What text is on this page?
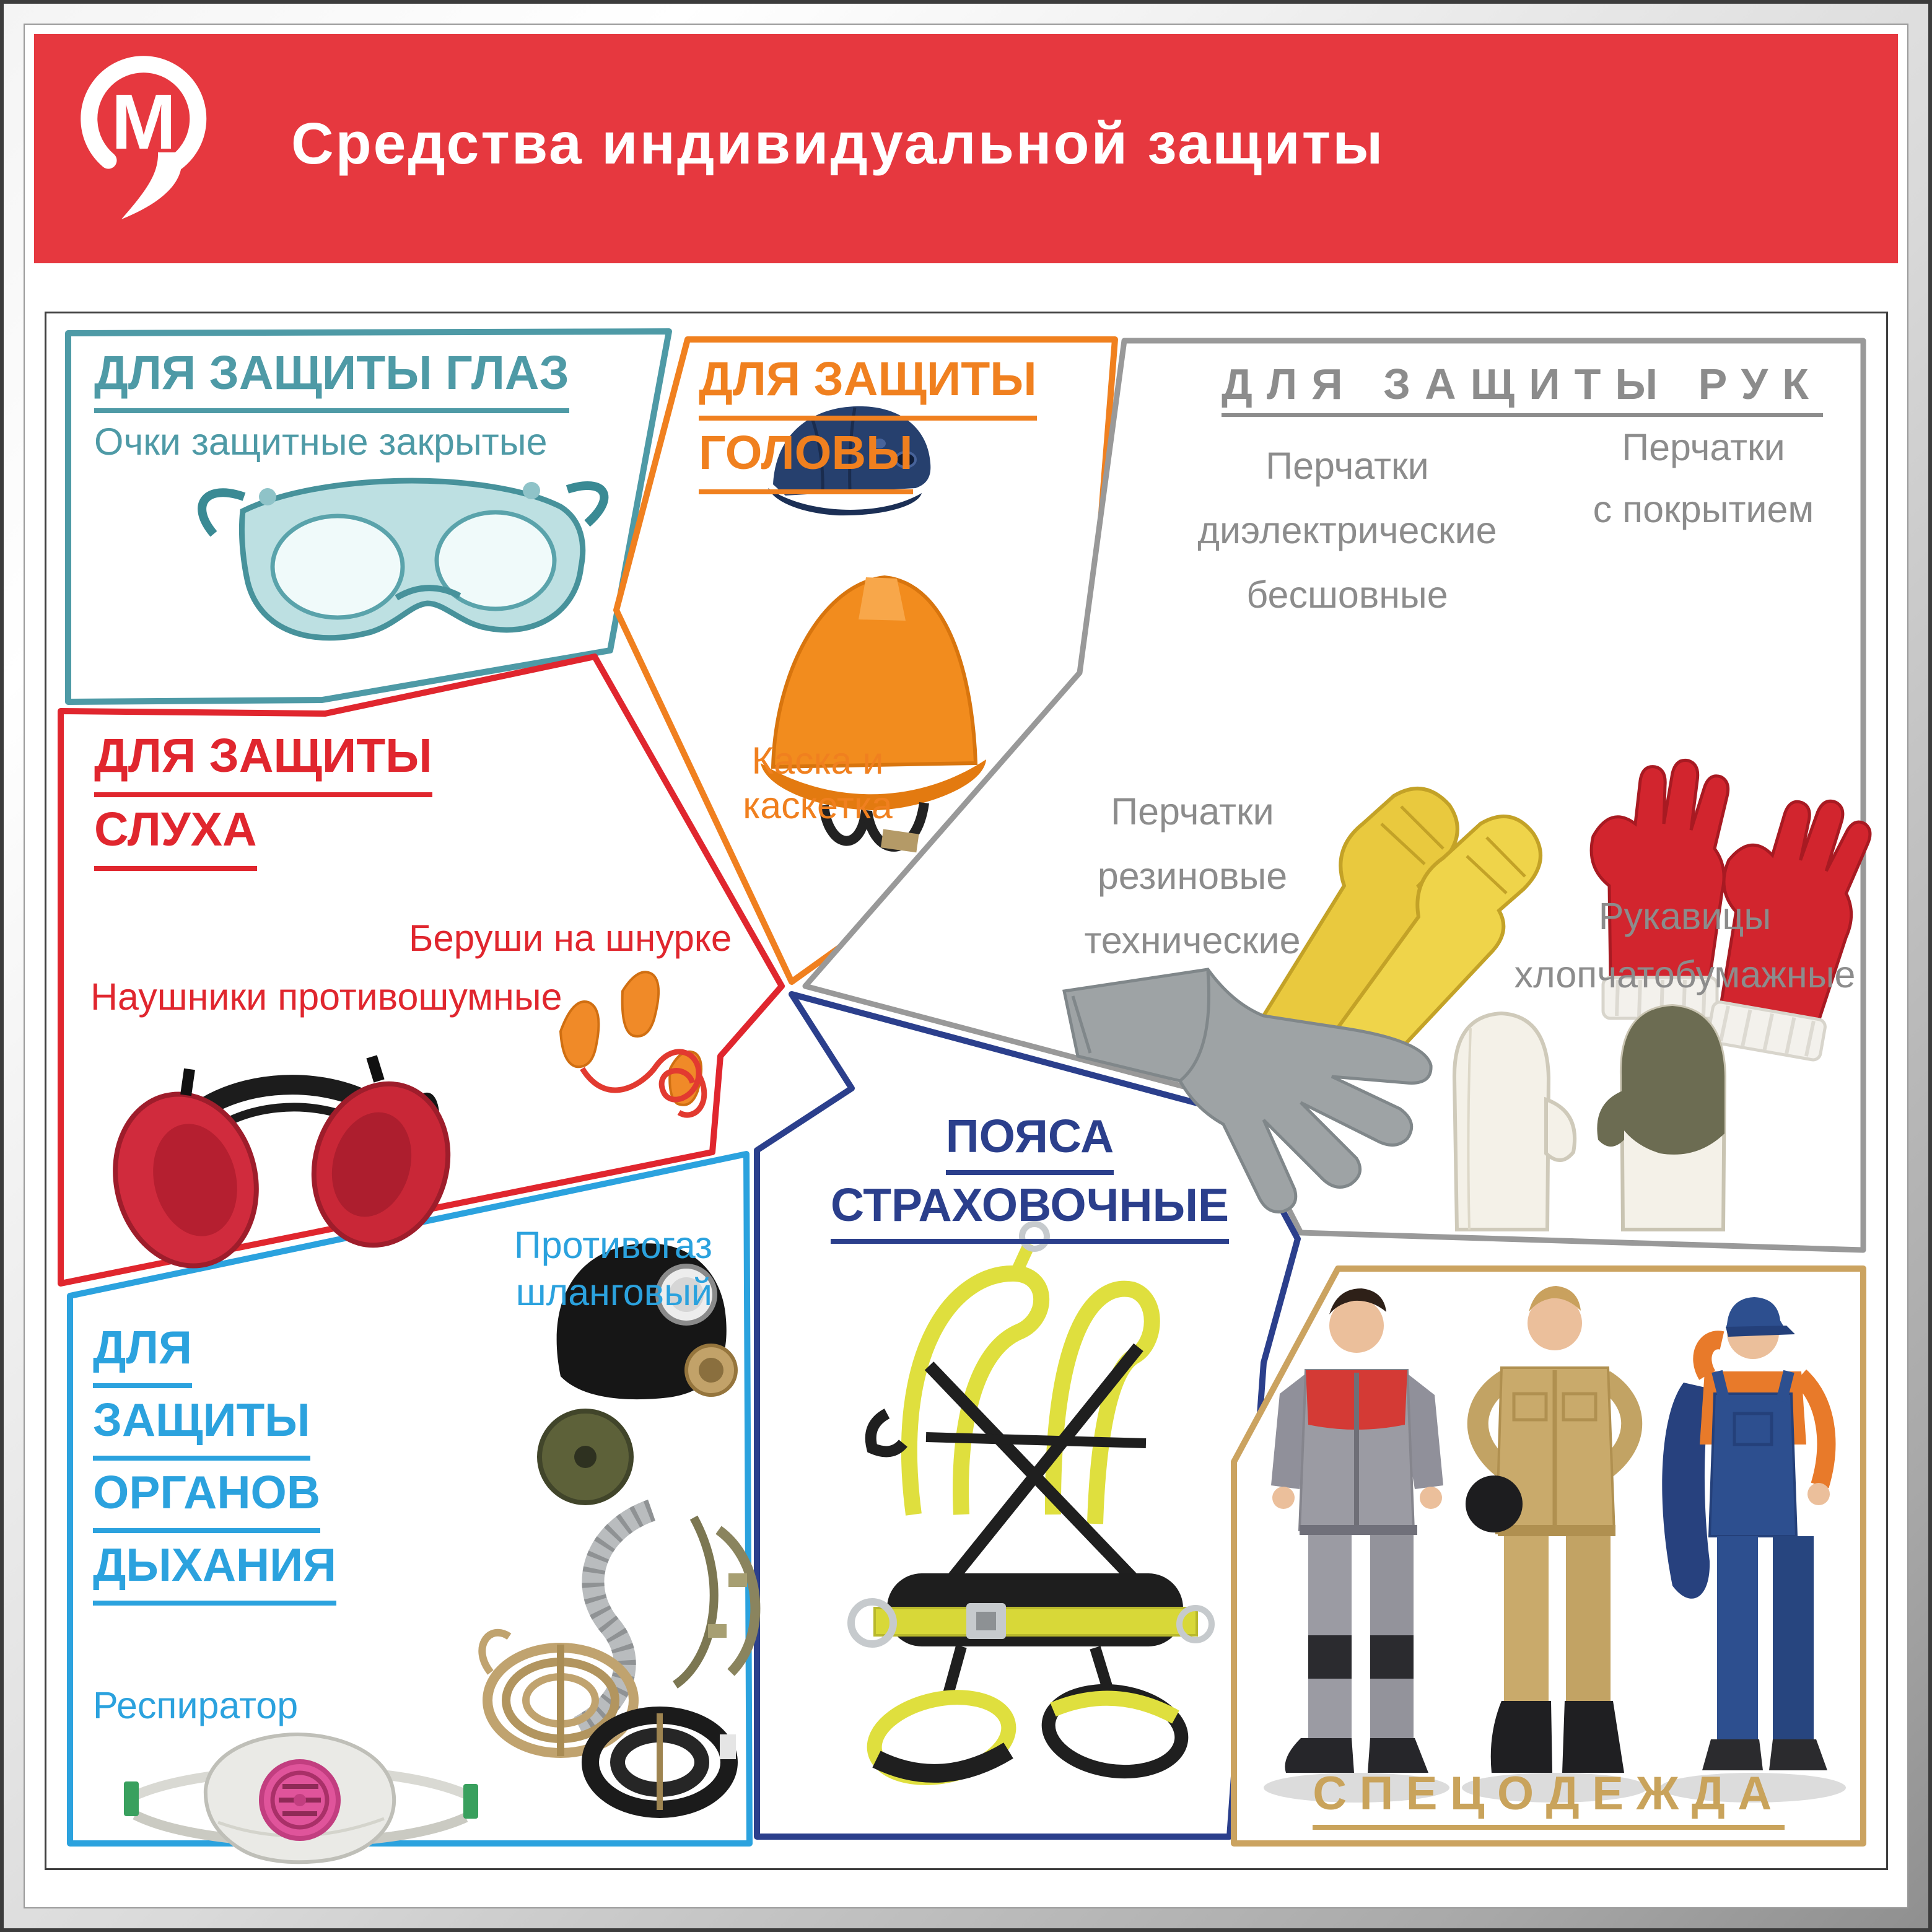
М Средства индивидуальной защиты
ДЛЯ ЗАЩИТЫ ГЛАЗ
Очки защитные закрытые
ДЛЯ ЗАЩИТЫ
ГОЛОВЫ
Каска и
каскетка
ДЛЯ ЗАЩИТЫ РУК
Перчатки
диэлектрические
бесшовные
Перчатки
с покрытием
Перчатки
резиновые
технические
Рукавицы
хлопчатобумажные
ДЛЯ ЗАЩИТЫ
СЛУХА
Наушники противошумные
Беруши на шнурке
ДЛЯ
ЗАЩИТЫ
ОРГАНОВ
ДЫХАНИЯ
Респиратор
Противогаз
шланговый
ПОЯСА
СТРАХОВОЧНЫЕ
СПЕЦОДЕЖДА
